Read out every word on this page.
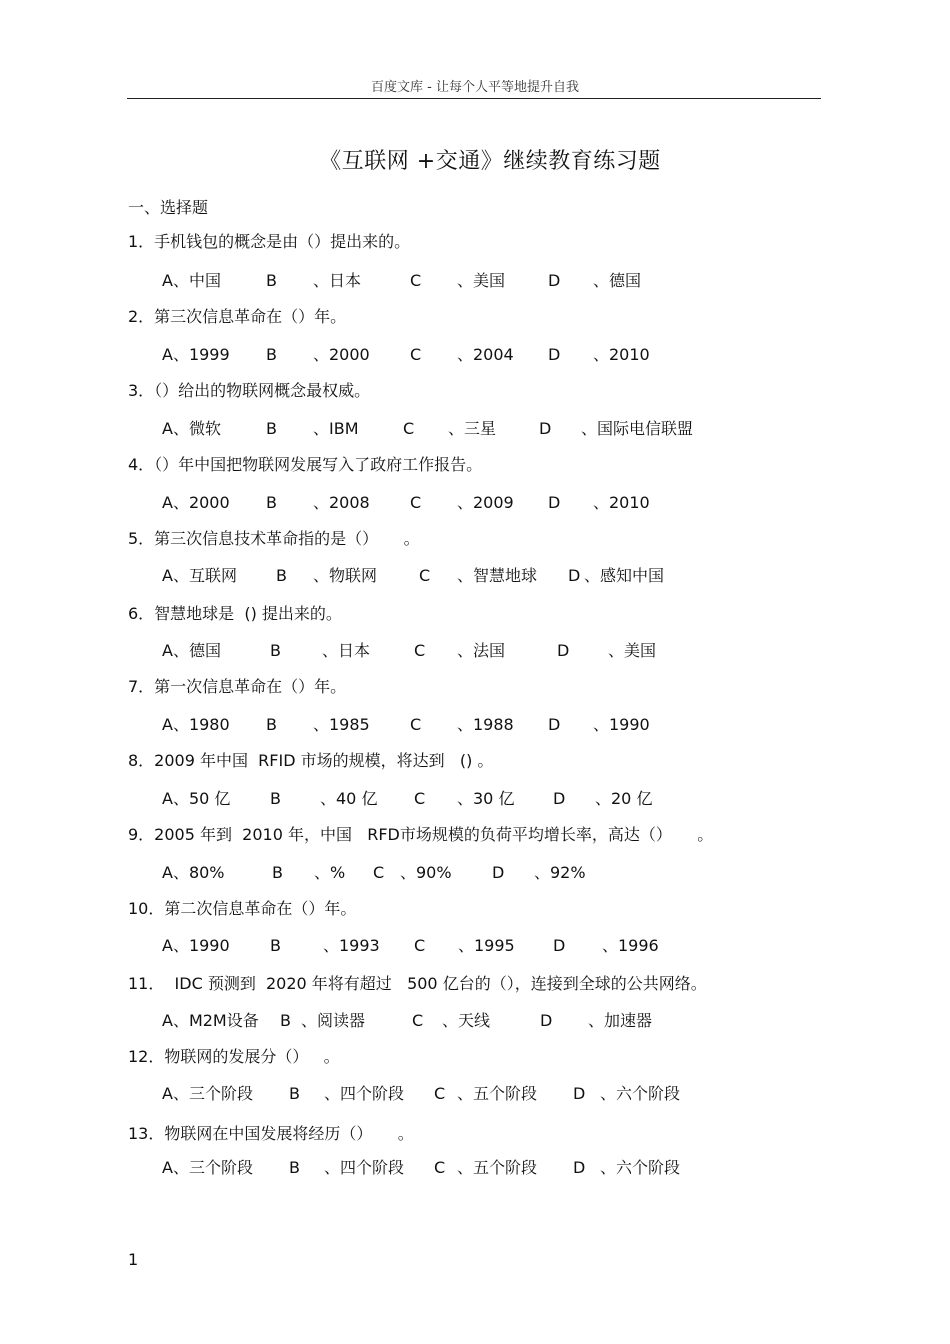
百度文库 - 让每个人平等地提升自我
《互联网 +交通》继续教育练习题
一、选择题
1．手机钱包的概念是由（）提出来的。

A、中国

	B

、日本

	C

、美国

	D

、德国

2．第三次信息革命在（）年。

A、1999

B

、2000

	C

、2004

D

、2010

3．（）给出的物联网概念最权威。

A、微软

	B

、IBM

	C

、三星

	D

、国际电信联盟

4．（）年中国把物联网发展写入了政府工作报告。

A、2000

B

、2008

	C

、2009

D

、2010

5．第三次信息技术革命指的是（）     。

A、互联网

B

、物联网

	C

、智慧地球

D

、感知中国

6．智慧地球是  () 提出来的。

A、德国

	B

	、日本

	C

、法国

	D

、美国

7．第一次信息革命在（）年。

A、1980

B

、1985

	C

、1988

D

、1990

8．2009 年中国  RFID 市场的规模，将达到   () 。

A、50 亿

B

、40 亿

C

、30 亿

D

、20 亿

9．2005 年到  2010 年，中国   RFD市场规模的负荷平均增长率，高达（）     。

A、80%

	B

、%

C

、90%

	D

、92%

10．第二次信息革命在（）年。

A、1990

	B

	、1993

C

、1995

D

、1996

11．  IDC 预测到  2020 年将有超过   500 亿台的（），连接到全球的公共网络。

A、M2M设备

B

、阅读器

	C

、天线

	D

、加速器

12．物联网的发展分（）   。

A、三个阶段

B

、四个阶段

C

、五个阶段

D

、六个阶段

13．物联网在中国发展将经历（）     。

A、三个阶段

B

、四个阶段

C

、五个阶段

D

、六个阶段

1
